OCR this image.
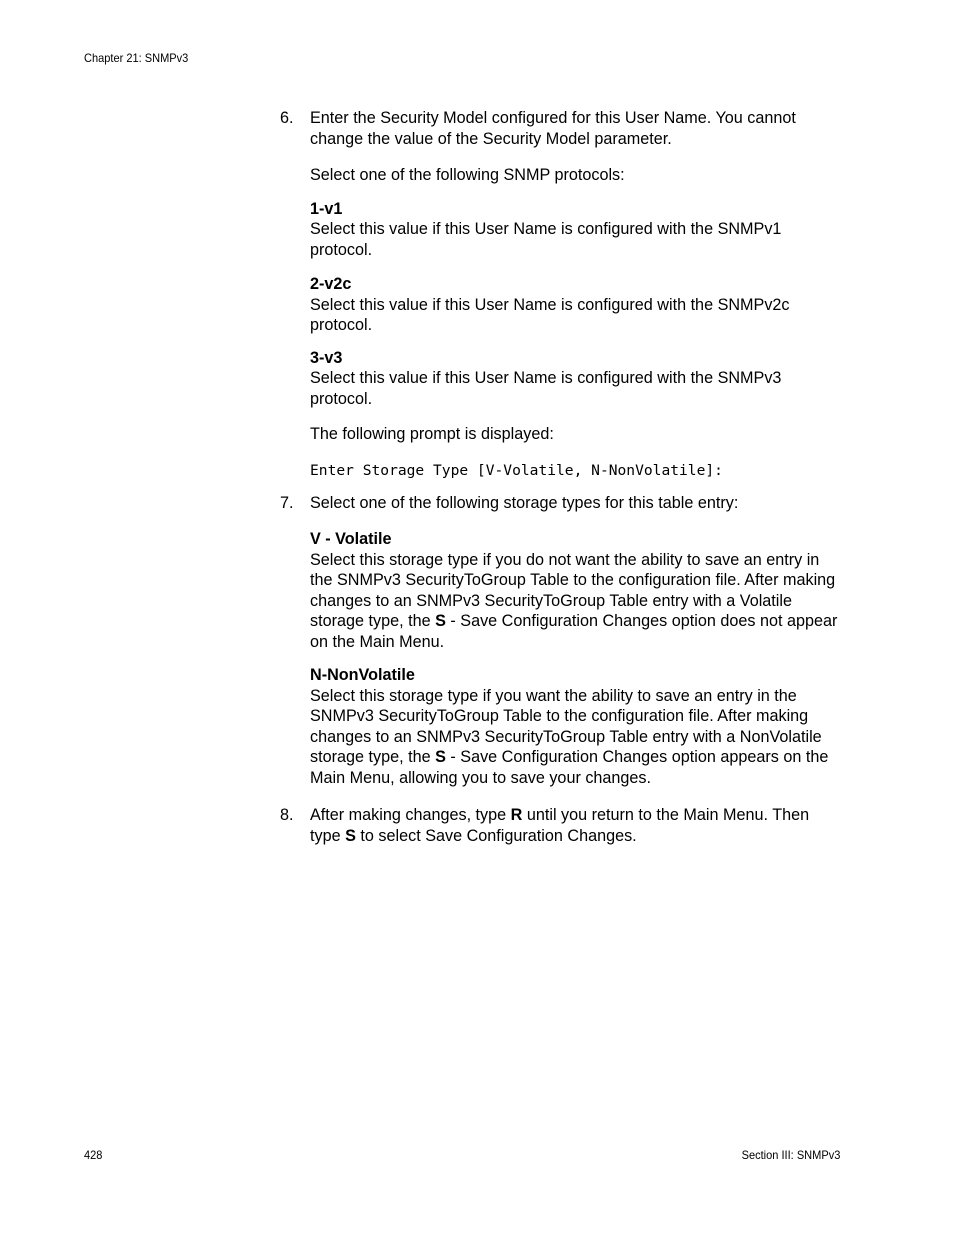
Chapter 21: SNMPv3
6. Enter the Security Model configured for this User Name. You cannot change the value of the Security Model parameter.

Select one of the following SNMP protocols:

1-v1

Select this value if this User Name is configured with the SNMPv1 protocol.

2-v2c

Select this value if this User Name is configured with the SNMPv2c protocol.

3-v3

Select this value if this User Name is configured with the SNMPv3 protocol.

The following prompt is displayed:

Enter Storage Type [V-Volatile, N-NonVolatile]:

7. Select one of the following storage types for this table entry:

V - Volatile

Select this storage type if you do not want the ability to save an entry in the SNMPv3 SecurityToGroup Table to the configuration file. After making changes to an SNMPv3 SecurityToGroup Table entry with a Volatile storage type, the S - Save Configuration Changes option does not appear on the Main Menu.

N-NonVolatile

Select this storage type if you want the ability to save an entry in the SNMPv3 SecurityToGroup Table to the configuration file. After making changes to an SNMPv3 SecurityToGroup Table entry with a NonVolatile storage type, the S - Save Configuration Changes option appears on the Main Menu, allowing you to save your changes.

8. After making changes, type R until you return to the Main Menu. Then type S to select Save Configuration Changes.

428	Section III: SNMPv3
